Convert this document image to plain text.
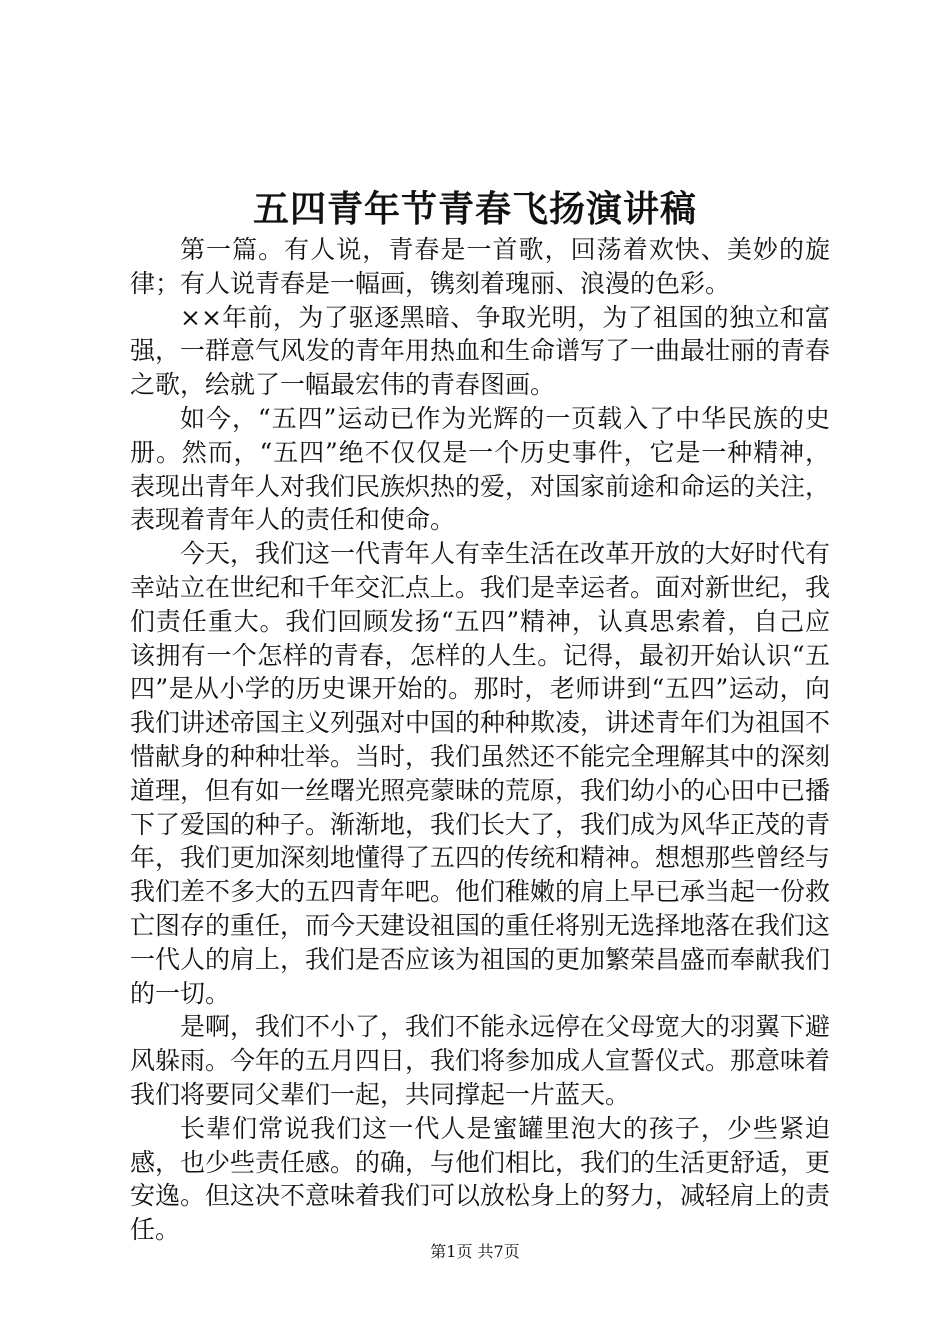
五四青年节青春飞扬演讲稿

第一篇。有人说，青春是一首歌，回荡着欢快、美妙的旋律；有人说青春是一幅画，镌刻着瑰丽、浪漫的色彩。

××年前，为了驱逐黑暗、争取光明，为了祖国的独立和富强，一群意气风发的青年用热血和生命谱写了一曲最壮丽的青春之歌，绘就了一幅最宏伟的青春图画。

如今，“五四”运动已作为光辉的一页载入了中华民族的史册。然而，“五四”绝不仅仅是一个历史事件，它是一种精神，表现出青年人对我们民族炽热的爱，对国家前途和命运的关注，表现着青年人的责任和使命。

今天，我们这一代青年人有幸生活在改革开放的大好时代有幸站立在世纪和千年交汇点上。我们是幸运者。面对新世纪，我们责任重大。我们回顾发扬“五四”精神，认真思索着，自己应该拥有一个怎样的青春，怎样的人生。记得，最初开始认识“五四”是从小学的历史课开始的。那时，老师讲到“五四”运动，向我们讲述帝国主义列强对中国的种种欺凌，讲述青年们为祖国不惜献身的种种壮举。当时，我们虽然还不能完全理解其中的深刻道理，但有如一丝曙光照亮蒙昧的荒原，我们幼小的心田中已播下了爱国的种子。渐渐地，我们长大了，我们成为风华正茂的青年，我们更加深刻地懂得了五四的传统和精神。想想那些曾经与我们差不多大的五四青年吧。他们稚嫩的肩上早已承当起一份救亡图存的重任，而今天建设祖国的重任将别无选择地落在我们这一代人的肩上，我们是否应该为祖国的更加繁荣昌盛而奉献我们的一切。

是啊，我们不小了，我们不能永远停在父母宽大的羽翼下避风躲雨。今年的五月四日，我们将参加成人宣誓仪式。那意味着我们将要同父辈们一起，共同撑起一片蓝天。

长辈们常说我们这一代人是蜜罐里泡大的孩子，少些紧迫感，也少些责任感。的确，与他们相比，我们的生活更舒适，更安逸。但这决不意味着我们可以放松身上的努力，减轻肩上的责任。

第1页 共7页
